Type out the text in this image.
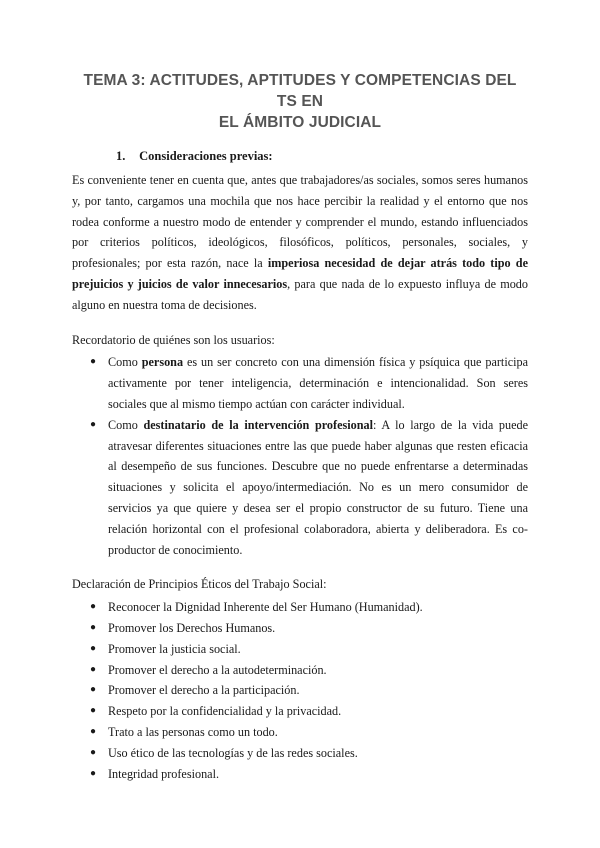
TEMA 3: ACTITUDES, APTITUDES Y COMPETENCIAS DEL TS EN
EL ÁMBITO JUDICIAL
1. Consideraciones previas:

Es conveniente tener en cuenta que, antes que trabajadores/as sociales, somos seres humanos y, por tanto, cargamos una mochila que nos hace percibir la realidad y el entorno que nos rodea conforme a nuestro modo de entender y comprender el mundo, estando influenciados por criterios políticos, ideológicos, filosóficos, políticos, personales, sociales, y profesionales; por esta razón, nace la imperiosa necesidad de dejar atrás todo tipo de prejuicios y juicios de valor innecesarios, para que nada de lo expuesto influya de modo alguno en nuestra toma de decisiones.

Recordatorio de quiénes son los usuarios:

● Como persona es un ser concreto con una dimensión física y psíquica que participa activamente por tener inteligencia, determinación e intencionalidad. Son seres sociales que al mismo tiempo actúan con carácter individual.
● Como destinatario de la intervención profesional: A lo largo de la vida puede atravesar diferentes situaciones entre las que puede haber algunas que resten eficacia al desempeño de sus funciones. Descubre que no puede enfrentarse a determinadas situaciones y solicita el apoyo/intermediación. No es un mero consumidor de servicios ya que quiere y desea ser el propio constructor de su futuro. Tiene una relación horizontal con el profesional colaboradora, abierta y deliberadora. Es co-productor de conocimiento.

Declaración de Principios Éticos del Trabajo Social:

● Reconocer la Dignidad Inherente del Ser Humano (Humanidad).
● Promover los Derechos Humanos.
● Promover la justicia social.
● Promover el derecho a la autodeterminación.
● Promover el derecho a la participación.
● Respeto por la confidencialidad y la privacidad.
● Trato a las personas como un todo.
● Uso ético de las tecnologías y de las redes sociales.
● Integridad profesional.
